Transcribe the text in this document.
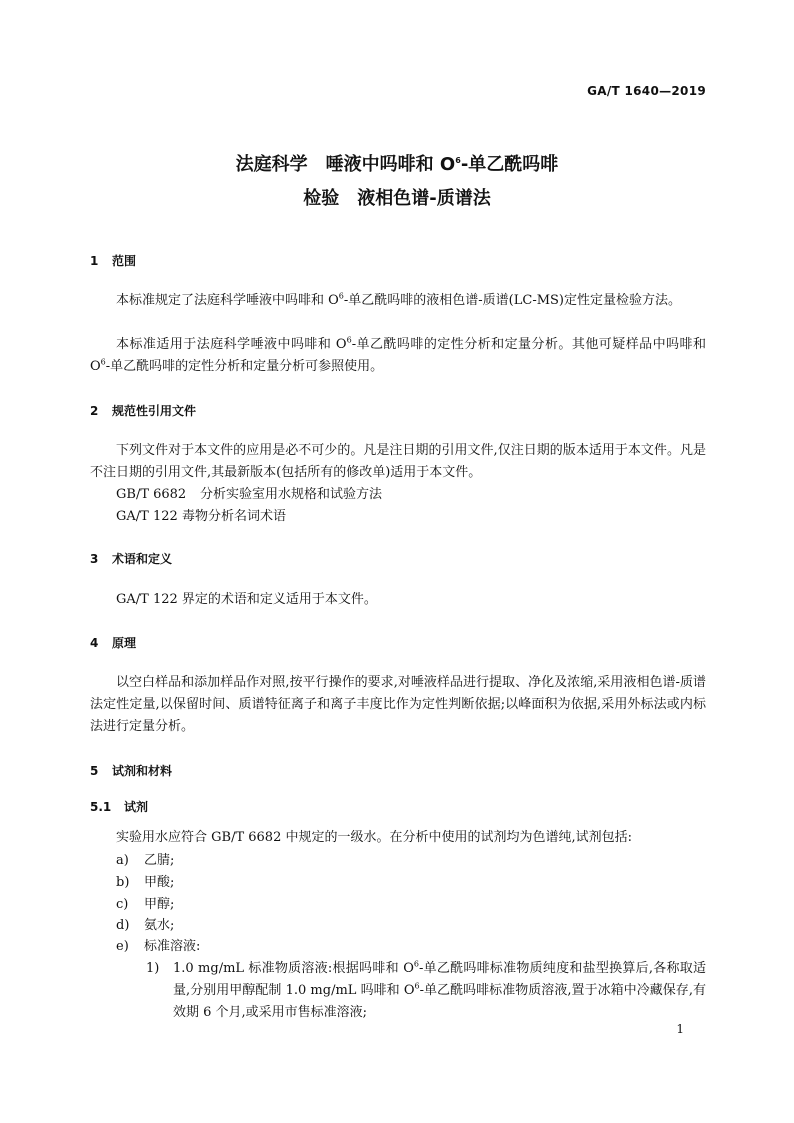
GA/T 1640—2019
法庭科学　唾液中吗啡和 $O^6-$单乙酰吗啡
检验　液相色谱-质谱法
1 范围

本标准规定了法庭科学唾液中吗啡和 $O^6-$单乙酰吗啡的液相色谱-质谱(LC-MS)定性定量检验方法。

本标准适用于法庭科学唾液中吗啡和 $O^6-$单乙酰吗啡的定性分析和定量分析。其他可疑样品中吗啡和 $O^6-$单乙酰吗啡的定性分析和定量分析可参照使用。

2 规范性引用文件

下列文件对于本文件的应用是必不可少的。凡是注日期的引用文件,仅注日期的版本适用于本文件。凡是不注日期的引用文件,其最新版本(包括所有的修改单)适用于本文件。

GB/T 6682 分析实验室用水规格和试验方法
GA/T 122 毒物分析名词术语
3 术语和定义
GA/T 122 界定的术语和定义适用于本文件。
4 原理

以空白样品和添加样品作对照,按平行操作的要求,对唾液样品进行提取、净化及浓缩,采用液相色谱-质谱法定性定量,以保留时间、质谱特征离子和离子丰度比作为定性判断依据;以峰面积为依据,采用外标法或内标法进行定量分析。

5 试剂和材料
5.1 试剂
实验用水应符合 GB/T 6682 中规定的一级水。在分析中使用的试剂均为色谱纯,试剂包括:
a) 乙腈;
b) 甲酸;
c) 甲醇;
d) 氨水;
e) 标准溶液:
1) 1.0 mg/mL 标准物质溶液:根据吗啡和 $O^6-$单乙酰吗啡标准物质纯度和盐型换算后,各称取适量,分别用甲醇配制 1.0 mg/mL 吗啡和 $O^6-$单乙酰吗啡标准物质溶液,置于冰箱中冷藏保存,有效期 6 个月,或采用市售标准溶液;
1
